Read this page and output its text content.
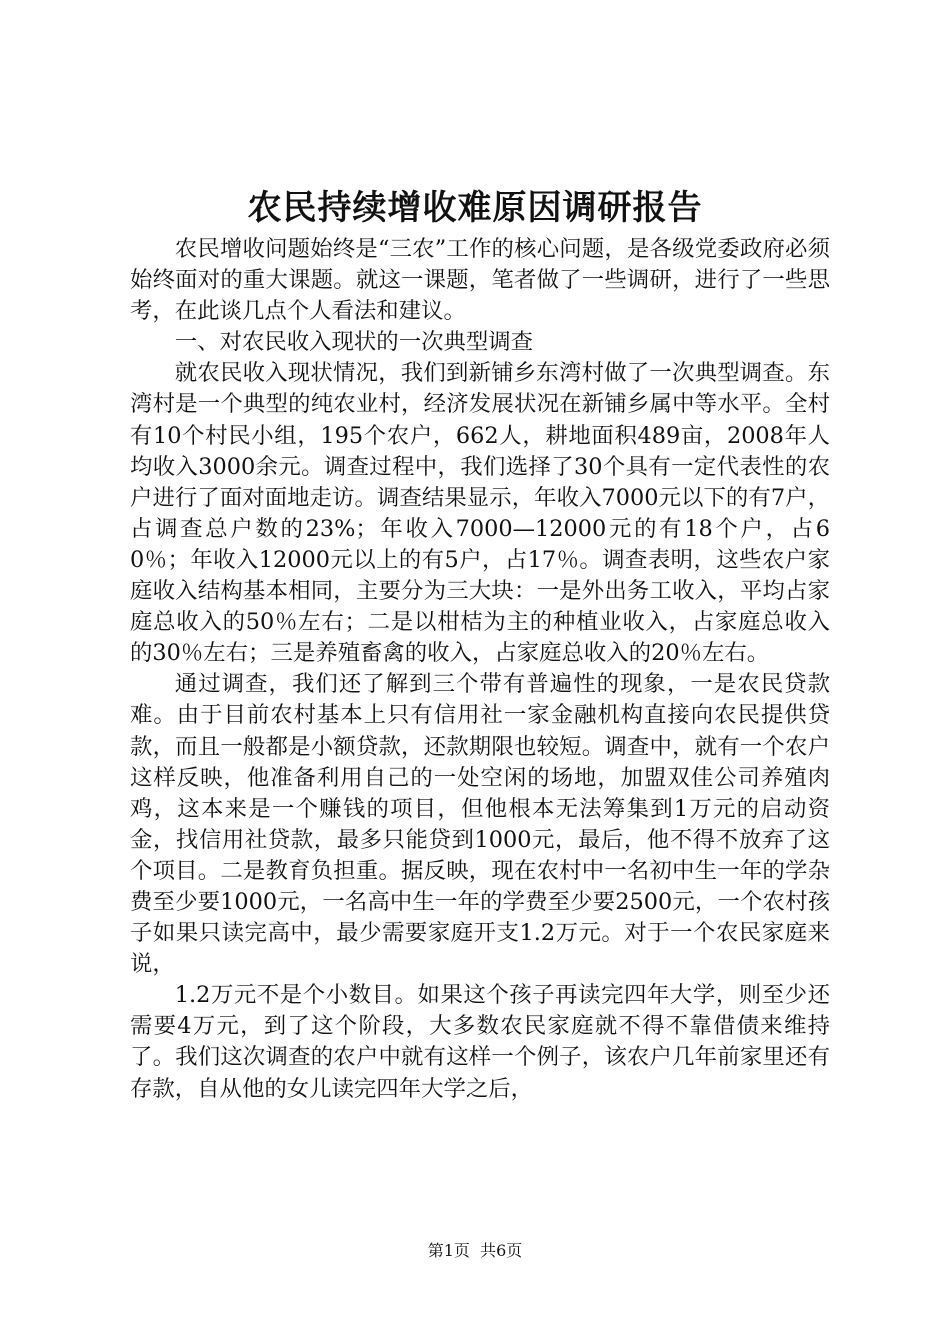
农民持续增收难原因调研报告

农民增收问题始终是“三农”工作的核心问题，是各级党委政府必须始终面对的重大课题。就这一课题，笔者做了一些调研，进行了一些思考，在此谈几点个人看法和建议。

一、对农民收入现状的一次典型调查

就农民收入现状情况，我们到新铺乡东湾村做了一次典型调查。东湾村是一个典型的纯农业村，经济发展状况在新铺乡属中等水平。全村有10个村民小组，195个农户，662人，耕地面积489亩，2008年人均收入3000余元。调查过程中，我们选择了30个具有一定代表性的农户进行了面对面地走访。调查结果显示，年收入7000元以下的有7户，占调查总户数的23%；年收入7000—12000元的有18个户，占60％；年收入12000元以上的有5户，占17％。调查表明，这些农户家庭收入结构基本相同，主要分为三大块：一是外出务工收入，平均占家庭总收入的50％左右；二是以柑桔为主的种植业收入，占家庭总收入的30％左右；三是养殖畜禽的收入，占家庭总收入的20％左右。

通过调查，我们还了解到三个带有普遍性的现象，一是农民贷款难。由于目前农村基本上只有信用社一家金融机构直接向农民提供贷款，而且一般都是小额贷款，还款期限也较短。调查中，就有一个农户这样反映，他准备利用自己的一处空闲的场地，加盟双佳公司养殖肉鸡，这本来是一个赚钱的项目，但他根本无法筹集到1万元的启动资金，找信用社贷款，最多只能贷到1000元，最后，他不得不放弃了这个项目。二是教育负担重。据反映，现在农村中一名初中生一年的学杂费至少要1000元，一名高中生一年的学费至少要2500元，一个农村孩子如果只读完高中，最少需要家庭开支1.2万元。对于一个农民家庭来说，

1.2万元不是个小数目。如果这个孩子再读完四年大学，则至少还需要4万元，到了这个阶段，大多数农民家庭就不得不靠借债来维持了。我们这次调查的农户中就有这样一个例子，该农户几年前家里还有存款，自从他的女儿读完四年大学之后，

第1页  共6页
